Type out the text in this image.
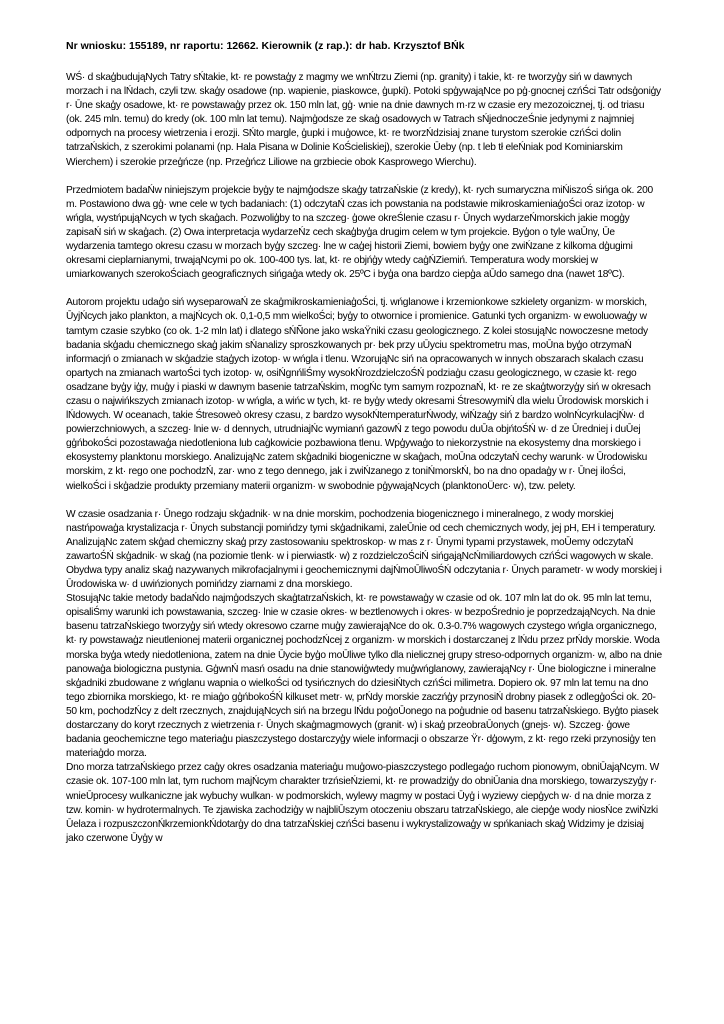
Nr wniosku: 155189, nr raportu: 12662. Kierownik (z rap.): dr hab. Krzysztof BŃk

WŚ· d skaģbudująNych Tatry sŃtakie, kt· re powstaģy z magmy we wnŃtrzu Ziemi (np. granity) i takie, kt· re tworzyģy siń w dawnych morzach i na lŃdach, czyli tzw. skaģy osadowe (np. wapienie, piaskowce, ģupki). Potoki spģywająNce po pģ·gnocnej czńŚci Tatr odsģoniģy r· Ūne skaģy osadowe, kt· re powstawaģy przez ok. 150 mln lat, gģ· wnie na dnie dawnych m·rz w czasie ery mezozoicznej, tj. od triasu (ok. 245 mln. temu) do kredy (ok. 100 mln lat temu). Najmģodsze ze skaģ osadowych w Tatrach sŃjednoczeŚnie jedynymi z najmniej odpornych na procesy wietrzenia i erozji. SŃto margle, ģupki i muģowce, kt· re tworzŃdzisiaj znane turystom szerokie czńŚci dolin tatrzaŃskich, z szerokimi polanami (np. Hala Pisana w Dolinie KoŚcieliskiej), szerokie Ūeby (np. t leb tł eleŃniak pod Kominiarskim Wierchem) i szerokie przeģńcze (np. Przeģńcz Liliowe na grzbiecie obok Kasprowego Wierchu).

Przedmiotem badaŃw niniejszym projekcie byģy te najmģodsze skaģy tatrzaŃskie (z kredy), kt· rych sumaryczna miŃiszoŚ sińga ok. 200 m. Postawiono dwa gģ· wne cele w tych badaniach: (1) odczytaŃ czas ich powstania na podstawie mikroskamieniaģoŚci oraz izotop· w wńgla, wystńpująNcych w tych skaģach. Pozwoliģby to na szczeg· ģowe okreŚlenie czasu r· Ūnych wydarzeŃmorskich jakie mogģy zapisaŃ siń w skaģach. (2) Owa interpretacja wydarzeŃz cech skaģbyģa drugim celem w tym projekcie. Byģon o tyle waŪny, Ūe wydarzenia tamtego okresu czasu w morzach byģy szczeg· lne w caģej historii Ziemi, bowiem byģy one zwiŃzane z kilkoma dģugimi okresami cieplarnianymi, trwająNcymi po ok. 100-400 tys. lat, kt· re objńģy wtedy caģŃZiemiń. Temperatura wody morskiej w umiarkowanych szerokoŚciach geograficznych sińgaģa wtedy ok. 25ºC i byģa ona bardzo ciepģa aŪdo samego dna (nawet 18ºC).

Autorom projektu udaģo siń wyseparowaŃ ze skaģmikroskamieniaģoŚci, tj. wńglanowe i krzemionkowe szkielety organizm· w morskich, ŪyjŃcych jako plankton, a majŃcych ok. 0,1-0,5 mm wielkoŚci; byģy to otwornice i promienice. Gatunki tych organizm· w ewoluowaģy w tamtym czasie szybko (co ok. 1-2 mln lat) i dlatego sŃÑone jako wskaŸniki czasu geologicznego. Z kolei stosująNc nowoczesne metody badania skģadu chemicznego skaģ jakim sŃanalizy sproszkowanych pr· bek przy uŪyciu spektrometru mas, moŪna byģo otrzymaŃ informacjń o zmianach w skģadzie staģych izotop· w wńgla i tlenu. WzorująNc siń na opracowanych w innych obszarach skalach czasu opartych na zmianach wartoŚci tych izotop· w, osiŃgnńliŚmy wysokŃrozdzielczoŚŃ podziaģu czasu geologicznego, w czasie kt· rego osadzane byģy iģy, muģy i piaski w dawnym basenie tatrzaŃskim, mogŃc tym samym rozpoznaŃ, kt· re ze skaģtworzyģy siń w okresach czasu o najwińkszych zmianach izotop· w wńgla, a wińc w tych, kt· re byģy wtedy okresami ŚtresowymiŃ dla wielu Ūrodowisk morskich i lŃdowych. W oceanach, takie Śtresoweò okresy czasu, z bardzo wysokŃtemperaturŃwody, wiŃzaģy siń z bardzo wolnŃcyrkulacjŃw· d powierzchniowych, a szczeg· lnie w· d dennych, utrudniajŃc wymianń gazowŃ z tego powodu duŪa objńtoŚŃ w· d ze Ūredniej i duŪej gģńbokoŚci pozostawaģa niedotleniona lub caģkowicie pozbawiona tlenu. Wpģywaģo to niekorzystnie na ekosystemy dna morskiego i ekosystemy planktonu morskiego. AnalizująNc zatem skģadniki biogeniczne w skaģach, moŪna odczytaŃ cechy warunk· w Ūrodowisku morskim, z kt· rego one pochodzŃ, zar· wno z tego dennego, jak i zwiŃzanego z toniŃmorskŃ, bo na dno opadaģy w r· Ūnej iloŚci, wielkoŚci i skģadzie produkty przemiany materii organizm· w swobodnie pģywająNcych (planktonoÜerc· w), tzw. pelety.

W czasie osadzania r· Ūnego rodzaju skģadnik· w na dnie morskim, pochodzenia biogenicznego i mineralnego, z wody morskiej nastńpowaģa krystalizacja r· Ūnych substancji pomińdzy tymi skģadnikami, zaleŪnie od cech chemicznych wody, jej pH, EH i temperatury. AnalizująNc zatem skģad chemiczny skaģ przy zastosowaniu spektroskop· w mas z r· Ūnymi typami przystawek, moŪemy odczytaŃ zawartoŚŃ skģadnik· w skaģ (na poziomie tlenk· w i pierwiastk· w) z rozdzielczoŚciŃ sińgająNcŃmiliardowych czńŚci wagowych w skale. Obydwa typy analiz skaģ nazywanych mikrofacjalnymi i geochemicznymi dajŃmoŪliwoŚŃ odczytania r· Ūnych parametr· w wody morskiej i Ūrodowiska w· d uwińzionych pomińdzy ziarnami z dna morskiego.

StosująNc takie metody badaŃdo najmģodszych skaģtatrzaŃskich, kt· re powstawaģy w czasie od ok. 107 mln lat do ok. 95 mln lat temu, opisaliŚmy warunki ich powstawania, szczeg· lnie w czasie okres· w beztlenowych i okres· w bezpoŚrednio je poprzedzająNcych. Na dnie basenu tatrzaŃskiego tworzyģy siń wtedy okresowo czarne muģy zawierająNce do ok. 0.3-0.7% wagowych czystego wńgla organicznego, kt· ry powstawaģz nieutlenionej materii organicznej pochodzŃcej z organizm· w morskich i dostarczanej z lŃdu przez prŃdy morskie. Woda morska byģa wtedy niedotleniona, zatem na dnie Ūycie byģo moŪliwe tylko dla nielicznej grupy streso-odpornych organizm· w, albo na dnie panowaģa biologiczna pustynia. GģwnŃ masń osadu na dnie stanowiģwtedy muģwńglanowy, zawierająNcy r· Ūne biologiczne i mineralne skģadniki zbudowane z wńglanu wapnia o wielkoŚci od tysińcznych do dziesiŃtych czńŚci milimetra. Dopiero ok. 97 mln lat temu na dno tego zbiornika morskiego, kt· re miaģo gģńbokoŚŃ kilkuset metr· w, prŃdy morskie zaczńģy przynosiŃ drobny piasek z odlegģoŚci ok. 20-50 km, pochodzŃcy z delt rzecznych, znajdująNcych siń na brzegu lŃdu poģoŪonego na poģudnie od basenu tatrzaŃskiego. Byģto piasek dostarczany do koryt rzecznych z wietrzenia r· Ūnych skaģmagmowych (granit· w) i skaģ przeobraŪonych (gnejs· w). Szczeg· ģowe badania geochemiczne tego materiaģu piaszczystego dostarczyģy wiele informacji o obszarze Ÿr· dģowym, z kt· rego rzeki przynosiģy ten materiaģdo morza.

Dno morza tatrzaŃskiego przez caģy okres osadzania materiaģu muģowo-piaszczystego podlegaģo ruchom pionowym, obniŪająNcym. W czasie ok. 107-100 mln lat, tym ruchom majŃcym charakter trzńsieŃziemi, kt· re prowadziģy do obniŪania dna morskiego, towarzyszyģy r· wnieŪprocesy wulkaniczne jak wybuchy wulkan· w podmorskich, wylewy magmy w postaci Ūyģ i wyziewy ciepģych w· d na dnie morza z tzw. komin· w hydrotermalnych. Te zjawiska zachodziģy w najbliŪszym otoczeniu obszaru tatrzaŃskiego, ale ciepģe wody niosŃce zwiŃzki Ūelaza i rozpuszczonŃkrzemionkŃdotarģy do dna tatrzaŃskiej czńŚci basenu i wykrystalizowaģy w spńkaniach skaģ Widzimy je dzisiaj jako czerwone Ūyģy w
